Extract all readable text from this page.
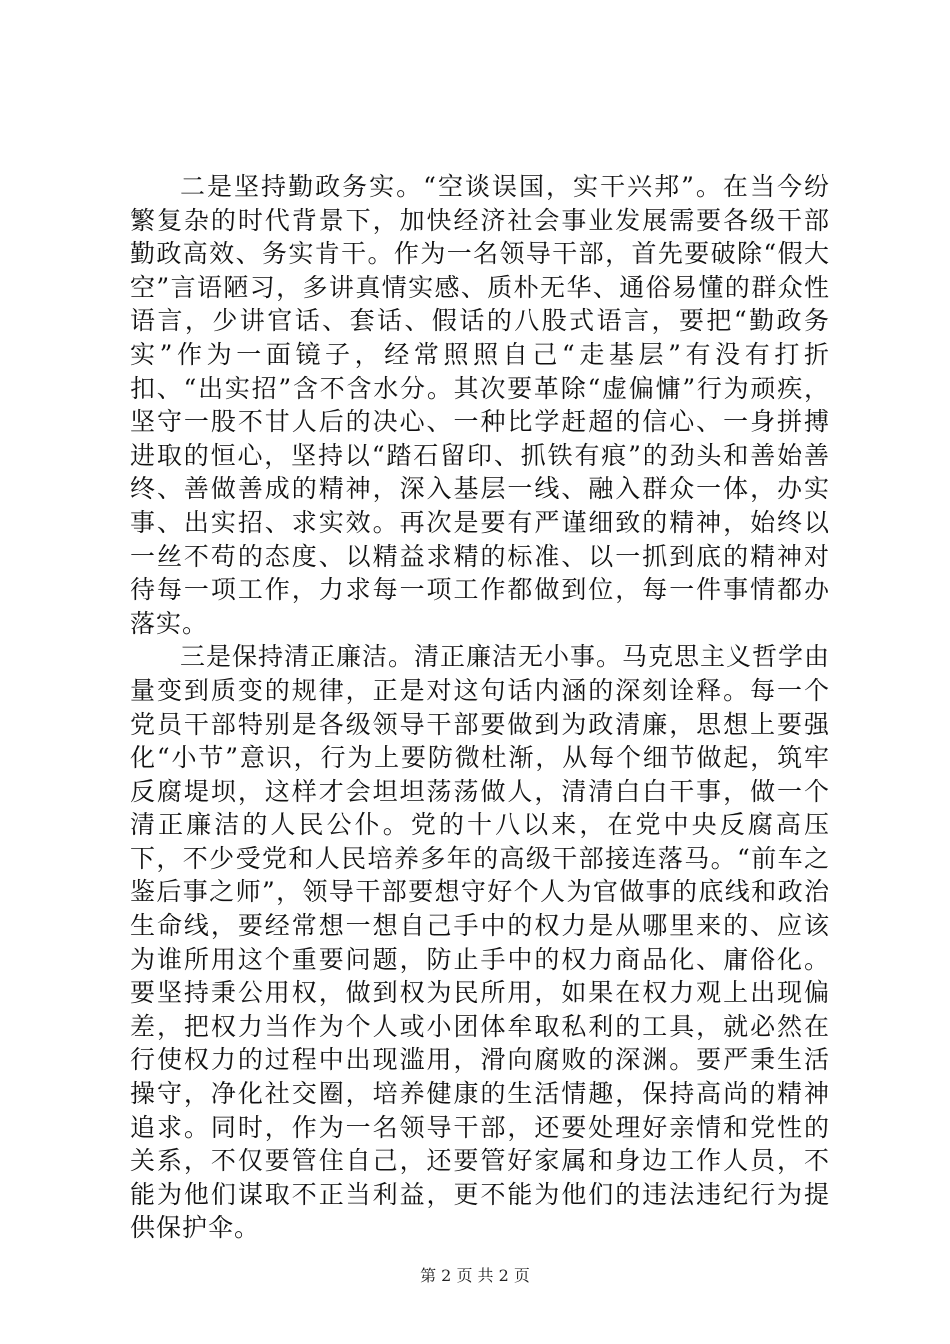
二是坚持勤政务实。“空谈误国，实干兴邦”。在当今纷繁复杂的时代背景下，加快经济社会事业发展需要各级干部勤政高效、务实肯干。作为一名领导干部，首先要破除“假大空”言语陋习，多讲真情实感、质朴无华、通俗易懂的群众性语言，少讲官话、套话、假话的八股式语言，要把“勤政务实”作为一面镜子，经常照照自己“走基层”有没有打折扣、“出实招”含不含水分。其次要革除“虚偏慵”行为顽疾，坚守一股不甘人后的决心、一种比学赶超的信心、一身拼搏进取的恒心，坚持以“踏石留印、抓铁有痕”的劲头和善始善终、善做善成的精神，深入基层一线、融入群众一体，办实事、出实招、求实效。再次是要有严谨细致的精神，始终以一丝不苟的态度、以精益求精的标准、以一抓到底的精神对待每一项工作，力求每一项工作都做到位，每一件事情都办落实。

三是保持清正廉洁。清正廉洁无小事。马克思主义哲学由量变到质变的规律，正是对这句话内涵的深刻诠释。每一个党员干部特别是各级领导干部要做到为政清廉，思想上要强化“小节”意识，行为上要防微杜渐，从每个细节做起，筑牢反腐堤坝，这样才会坦坦荡荡做人，清清白白干事，做一个清正廉洁的人民公仆。党的十八以来，在党中央反腐高压下，不少受党和人民培养多年的高级干部接连落马。“前车之鉴后事之师”，领导干部要想守好个人为官做事的底线和政治生命线，要经常想一想自己手中的权力是从哪里来的、应该为谁所用这个重要问题，防止手中的权力商品化、庸俗化。要坚持秉公用权，做到权为民所用，如果在权力观上出现偏差，把权力当作为个人或小团体牟取私利的工具，就必然在行使权力的过程中出现滥用，滑向腐败的深渊。要严秉生活操守，净化社交圈，培养健康的生活情趣，保持高尚的精神追求。同时，作为一名领导干部，还要处理好亲情和党性的关系，不仅要管住自己，还要管好家属和身边工作人员，不能为他们谋取不正当利益，更不能为他们的违法违纪行为提供保护伞。

第 2 页 共 2 页
